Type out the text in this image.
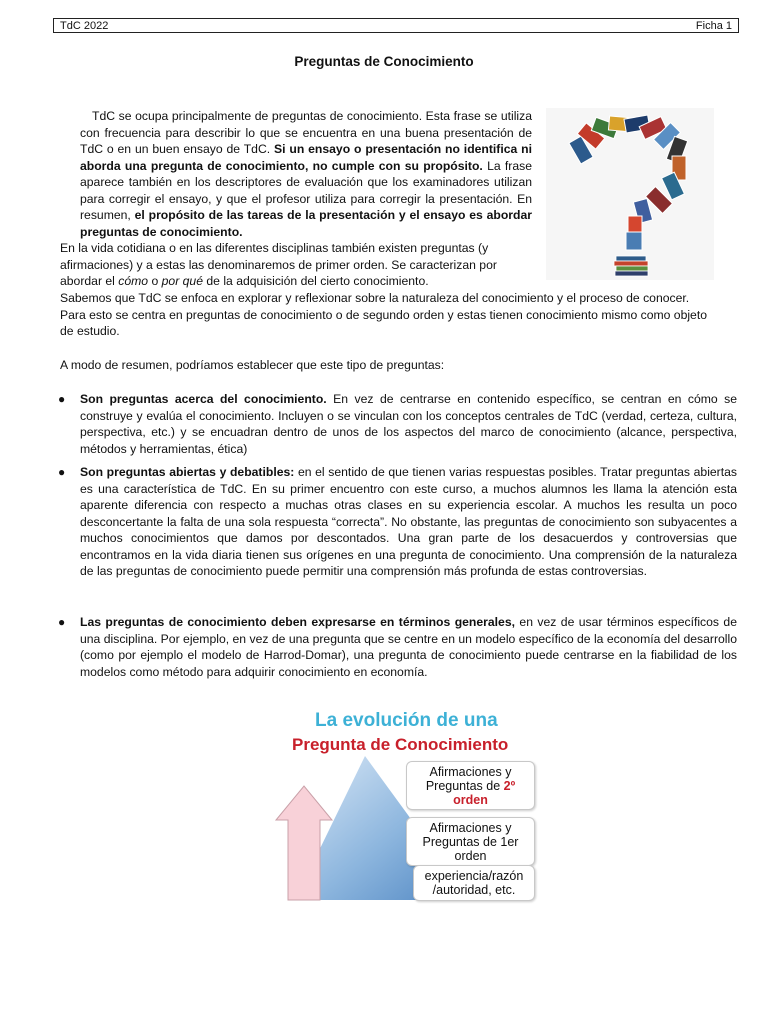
TdC 2022	Ficha 1
Preguntas de Conocimiento

TdC se ocupa principalmente de preguntas de conocimiento. Esta frase se utiliza con frecuencia para describir lo que se encuentra en una buena presentación de TdC o en un buen ensayo de TdC. Si un ensayo o presentación no identifica ni aborda una pregunta de conocimiento, no cumple con su propósito. La frase aparece también en los descriptores de evaluación que los examinadores utilizan para corregir el ensayo, y que el profesor utiliza para corregir la presentación. En resumen, el propósito de las tareas de la presentación y el ensayo es abordar preguntas de conocimiento.

En la vida cotidiana o en las diferentes disciplinas también existen preguntas (y afirmaciones) y a estas las denominaremos de primer orden. Se caracterizan por abordar el cómo o por qué de la adquisición del cierto conocimiento.

Sabemos que TdC se enfoca en explorar y reflexionar sobre la naturaleza del conocimiento y el proceso de conocer. Para esto se centra en preguntas de conocimiento o de segundo orden y estas tienen conocimiento mismo como objeto de estudio.

A modo de resumen, podríamos establecer que este tipo de preguntas:

● Son preguntas acerca del conocimiento. En vez de centrarse en contenido específico, se centran en cómo se construye y evalúa el conocimiento. Incluyen o se vinculan con los conceptos centrales de TdC (verdad, certeza, cultura, perspectiva, etc.) y se encuadran dentro de unos de los aspectos del marco de conocimiento (alcance, perspectiva, métodos y herramientas, ética)

● Son preguntas abiertas y debatibles: en el sentido de que tienen varias respuestas posibles. Tratar preguntas abiertas es una característica de TdC. En su primer encuentro con este curso, a muchos alumnos les llama la atención esta aparente diferencia con respecto a muchas otras clases en su experiencia escolar. A muchos les resulta un poco desconcertante la falta de una sola respuesta “correcta”. No obstante, las preguntas de conocimiento son subyacentes a muchos conocimientos que damos por descontados. Una gran parte de los desacuerdos y controversias que encontramos en la vida diaria tienen sus orígenes en una pregunta de conocimiento. Una comprensión de la naturaleza de las preguntas de conocimiento puede permitir una comprensión más profunda de estas controversias.

● Las preguntas de conocimiento deben expresarse en términos generales, en vez de usar términos específicos de una disciplina. Por ejemplo, en vez de una pregunta que se centre en un modelo específico de la economía del desarrollo (como por ejemplo el modelo de Harrod-Domar), una pregunta de conocimiento puede centrarse en la fiabilidad de los modelos como método para adquirir conocimiento en economía.

La evolución de una
Pregunta de Conocimiento
Afirmaciones y
Preguntas de 2º
orden
Afirmaciones y
Preguntas de 1er
orden
experiencia/razón
/autoridad, etc.
